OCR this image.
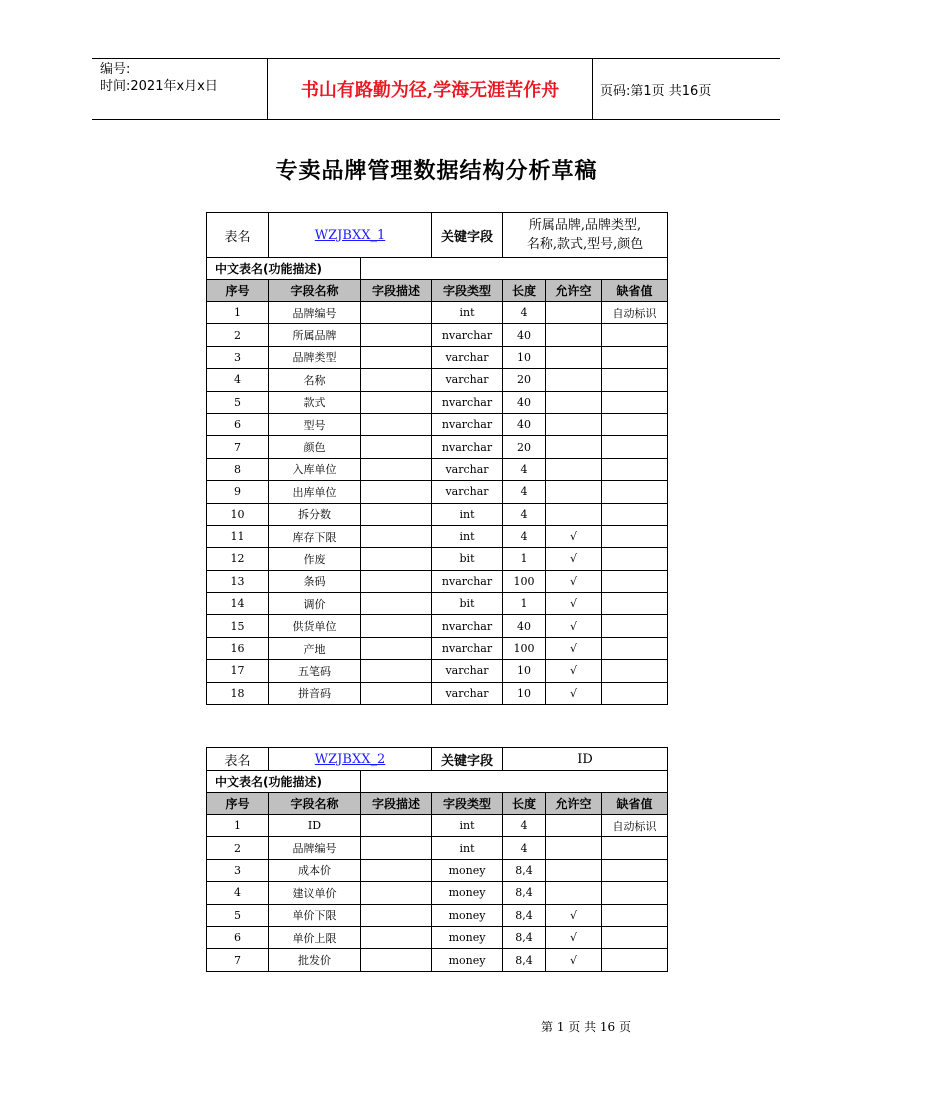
编号:
时间:2021年x月x日	书山有路勤为径,学海无涯苦作舟	页码:第1页 共16页
专卖品牌管理数据结构分析草稿
表名	WZJBXX_1		关键字段	所属品牌,品牌类型,
名称,款式,型号,颜色		

中文表名(功能描述)						
序号	字段名称	字段描述	字段类型	长度	允许空	缺省值
1	品牌编号		int	4		自动标识
2	所属品牌		nvarchar	40		
3	品牌类型		varchar	10		
4	名称		varchar	20		
5	款式		nvarchar	40		
6	型号		nvarchar	40		
7	颜色		nvarchar	20		
8	入库单位		varchar	4		
9	出库单位		varchar	4		
10	拆分数		int	4		
11	库存下限		int	4	√	
12	作废		bit	1	√	
13	条码		nvarchar	100	√	
14	调价		bit	1	√	
15	供货单位		nvarchar	40	√	
16	产地		nvarchar	100	√	
17	五笔码		varchar	10	√	
18	拼音码		varchar	10	√	
表名	WZJBXX_2		关键字段	ID		
中文表名(功能描述)						
序号	字段名称	字段描述	字段类型	长度	允许空	缺省值
1	ID		int	4		自动标识
2	品牌编号		int	4		
3	成本价		money	8,4		
4	建议单价		money	8,4		
5	单价下限		money	8,4	√	
6	单价上限		money	8,4	√	
7	批发价		money	8,4	√	
第 1 页 共 16 页
